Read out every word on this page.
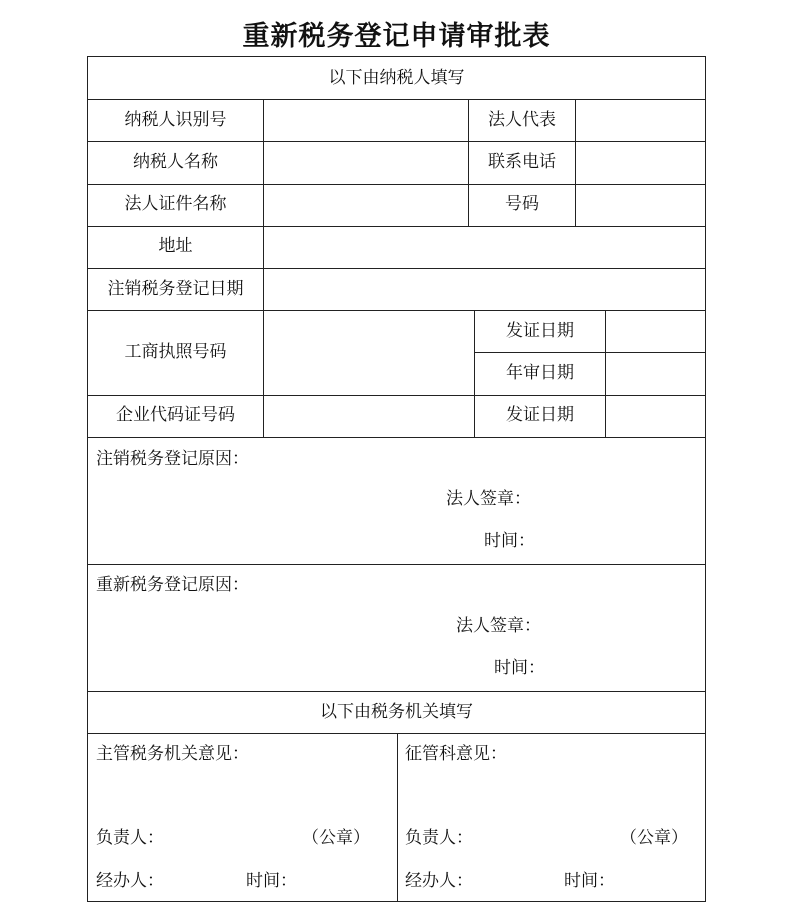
重新税务登记申请审批表
以下由纳税人填写
纳税人识别号	法人代表
纳税人名称	联系电话
法人证件名称	号码
地址
注销税务登记日期
工商执照号码
发证日期
年审日期
企业代码证号码	发证日期
注销税务登记原因：
法人签章：
时间：
重新税务登记原因：
法人签章：
时间：
以下由税务机关填写
主管税务机关意见：
负责人：	（公章）
经办人：	时间：
征管科意见：
负责人：	（公章）
经办人：	时间：
